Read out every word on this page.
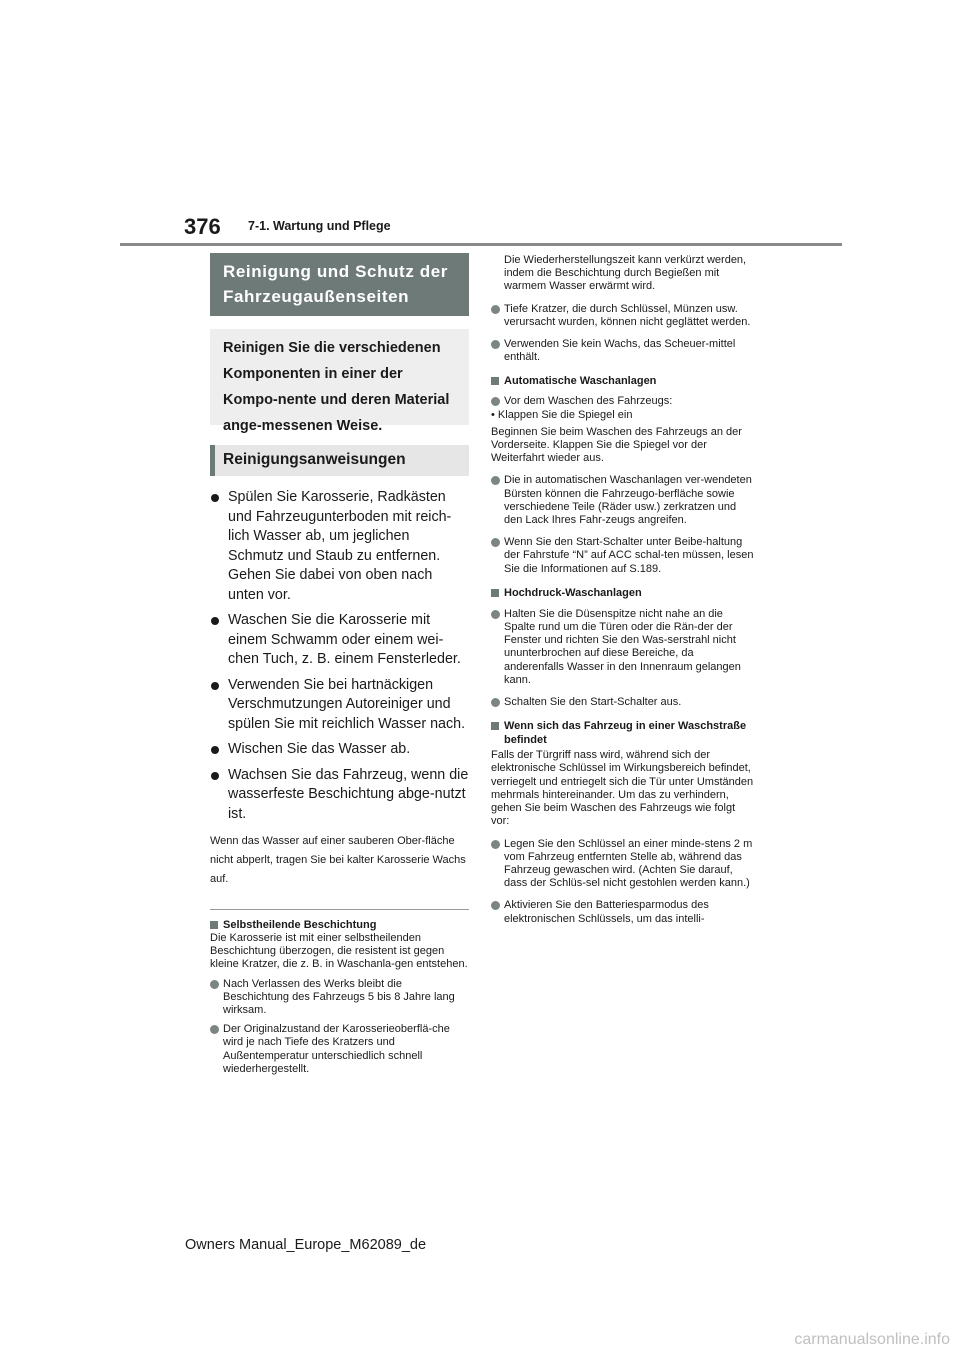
376 7-1. Wartung und Pflege
Reinigung und Schutz der Fahrzeugaußenseiten
Reinigen Sie die verschiedenen Komponenten in einer der Kompo-nente und deren Material ange-messenen Weise.
Reinigungsanweisungen
Spülen Sie Karosserie, Radkästen und Fahrzeugunterboden mit reich-lich Wasser ab, um jeglichen Schmutz und Staub zu entfernen. Gehen Sie dabei von oben nach unten vor.
Waschen Sie die Karosserie mit einem Schwamm oder einem wei-chen Tuch, z. B. einem Fensterleder.
Verwenden Sie bei hartnäckigen Verschmutzungen Autoreiniger und spülen Sie mit reichlich Wasser nach.
Wischen Sie das Wasser ab.
Wachsen Sie das Fahrzeug, wenn die wasserfeste Beschichtung abge-nutzt ist.
Wenn das Wasser auf einer sauberen Ober-fläche nicht abperlt, tragen Sie bei kalter Karosserie Wachs auf.
Selbstheilende Beschichtung
Die Karosserie ist mit einer selbstheilenden Beschichtung überzogen, die resistent ist gegen kleine Kratzer, die z. B. in Waschanla-gen entstehen.
Nach Verlassen des Werks bleibt die Beschichtung des Fahrzeugs 5 bis 8 Jahre lang wirksam.
Der Originalzustand der Karosserieoberflä-che wird je nach Tiefe des Kratzers und Außentemperatur unterschiedlich schnell wiederhergestellt.
Die Wiederherstellungszeit kann verkürzt werden, indem die Beschichtung durch Begießen mit warmem Wasser erwärmt wird.
Tiefe Kratzer, die durch Schlüssel, Münzen usw. verursacht wurden, können nicht geglättet werden.
Verwenden Sie kein Wachs, das Scheuer-mittel enthält.
Automatische Waschanlagen
Vor dem Waschen des Fahrzeugs:
• Klappen Sie die Spiegel ein
Beginnen Sie beim Waschen des Fahrzeugs an der Vorderseite. Klappen Sie die Spiegel vor der Weiterfahrt wieder aus.
Die in automatischen Waschanlagen ver-wendeten Bürsten können die Fahrzeugo-berfläche sowie verschiedene Teile (Räder usw.) zerkratzen und den Lack Ihres Fahr-zeugs angreifen.
Wenn Sie den Start-Schalter unter Beibe-haltung der Fahrstufe “N” auf ACC schal-ten müssen, lesen Sie die Informationen auf S.189.
Hochdruck-Waschanlagen
Halten Sie die Düsenspitze nicht nahe an die Spalte rund um die Türen oder die Rän-der der Fenster und richten Sie den Was-serstrahl nicht ununterbrochen auf diese Bereiche, da anderenfalls Wasser in den Innenraum gelangen kann.
Schalten Sie den Start-Schalter aus.
Wenn sich das Fahrzeug in einer Waschstraße befindet
Falls der Türgriff nass wird, während sich der elektronische Schlüssel im Wirkungsbereich befindet, verriegelt und entriegelt sich die Tür unter Umständen mehrmals hintereinander. Um das zu verhindern, gehen Sie beim Waschen des Fahrzeugs wie folgt vor:
Legen Sie den Schlüssel an einer minde-stens 2 m vom Fahrzeug entfernten Stelle ab, während das Fahrzeug gewaschen wird. (Achten Sie darauf, dass der Schlüs-sel nicht gestohlen werden kann.)
Aktivieren Sie den Batteriesparmodus des elektronischen Schlüssels, um das intelli-
Owners Manual_Europe_M62089_de
carmanualsonline.info
